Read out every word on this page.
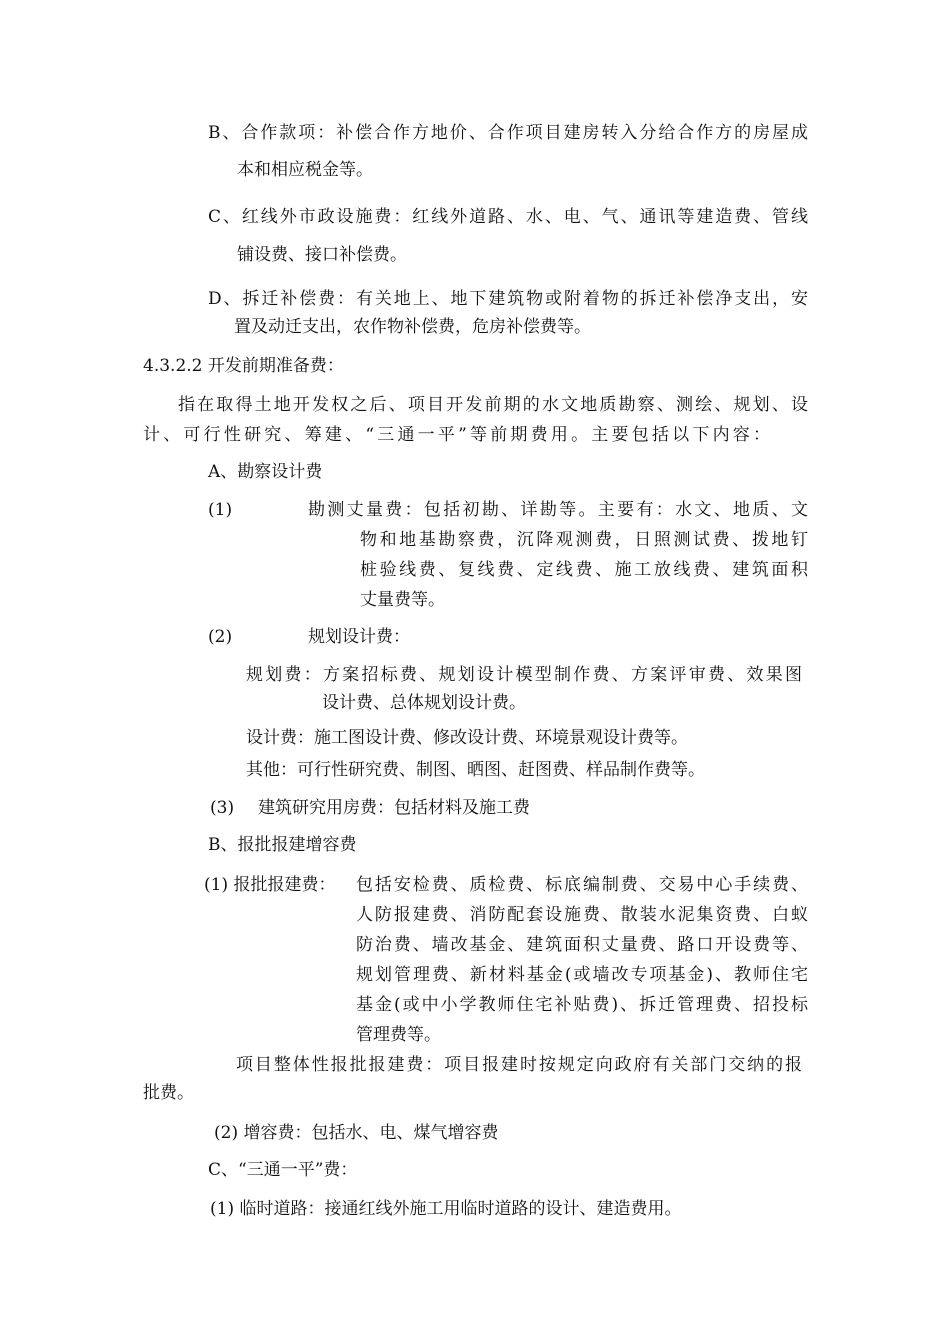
B、合作款项：补偿合作方地价、合作项目建房转入分给合作方的房屋成
本和相应税金等。
C、红线外市政设施费：红线外道路、水、电、气、通讯等建造费、管线
铺设费、接口补偿费。
D、拆迁补偿费：有关地上、地下建筑物或附着物的拆迁补偿净支出，安
置及动迁支出，农作物补偿费，危房补偿费等。
4.3.2.2 开发前期准备费：
指在取得土地开发权之后、项目开发前期的水文地质勘察、测绘、规划、设
计、可行性研究、筹建、“三通一平”等前期费用。主要包括以下内容：
A、勘察设计费
(1)	勘测丈量费：包括初勘、详勘等。主要有：水文、地质、文
物和地基勘察费，沉降观测费，日照测试费、拨地钉
桩验线费、复线费、定线费、施工放线费、建筑面积
丈量费等。
(2)	规划设计费：
规划费：方案招标费、规划设计模型制作费、方案评审费、效果图
设计费、总体规划设计费。
设计费：施工图设计费、修改设计费、环境景观设计费等。
其他：可行性研究费、制图、晒图、赶图费、样品制作费等。
(3) 建筑研究用房费：包括材料及施工费
B、报批报建增容费
(1) 报批报建费： 包括安检费、质检费、标底编制费、交易中心手续费、
人防报建费、消防配套设施费、散装水泥集资费、白蚁
防治费、墙改基金、建筑面积丈量费、路口开设费等、
规划管理费、新材料基金(或墙改专项基金)、教师住宅
基金(或中小学教师住宅补贴费)、拆迁管理费、招投标
管理费等。
项目整体性报批报建费：项目报建时按规定向政府有关部门交纳的报
批费。
(2) 增容费：包括水、电、煤气增容费
C、“三通一平”费：
(1) 临时道路：接通红线外施工用临时道路的设计、建造费用。
